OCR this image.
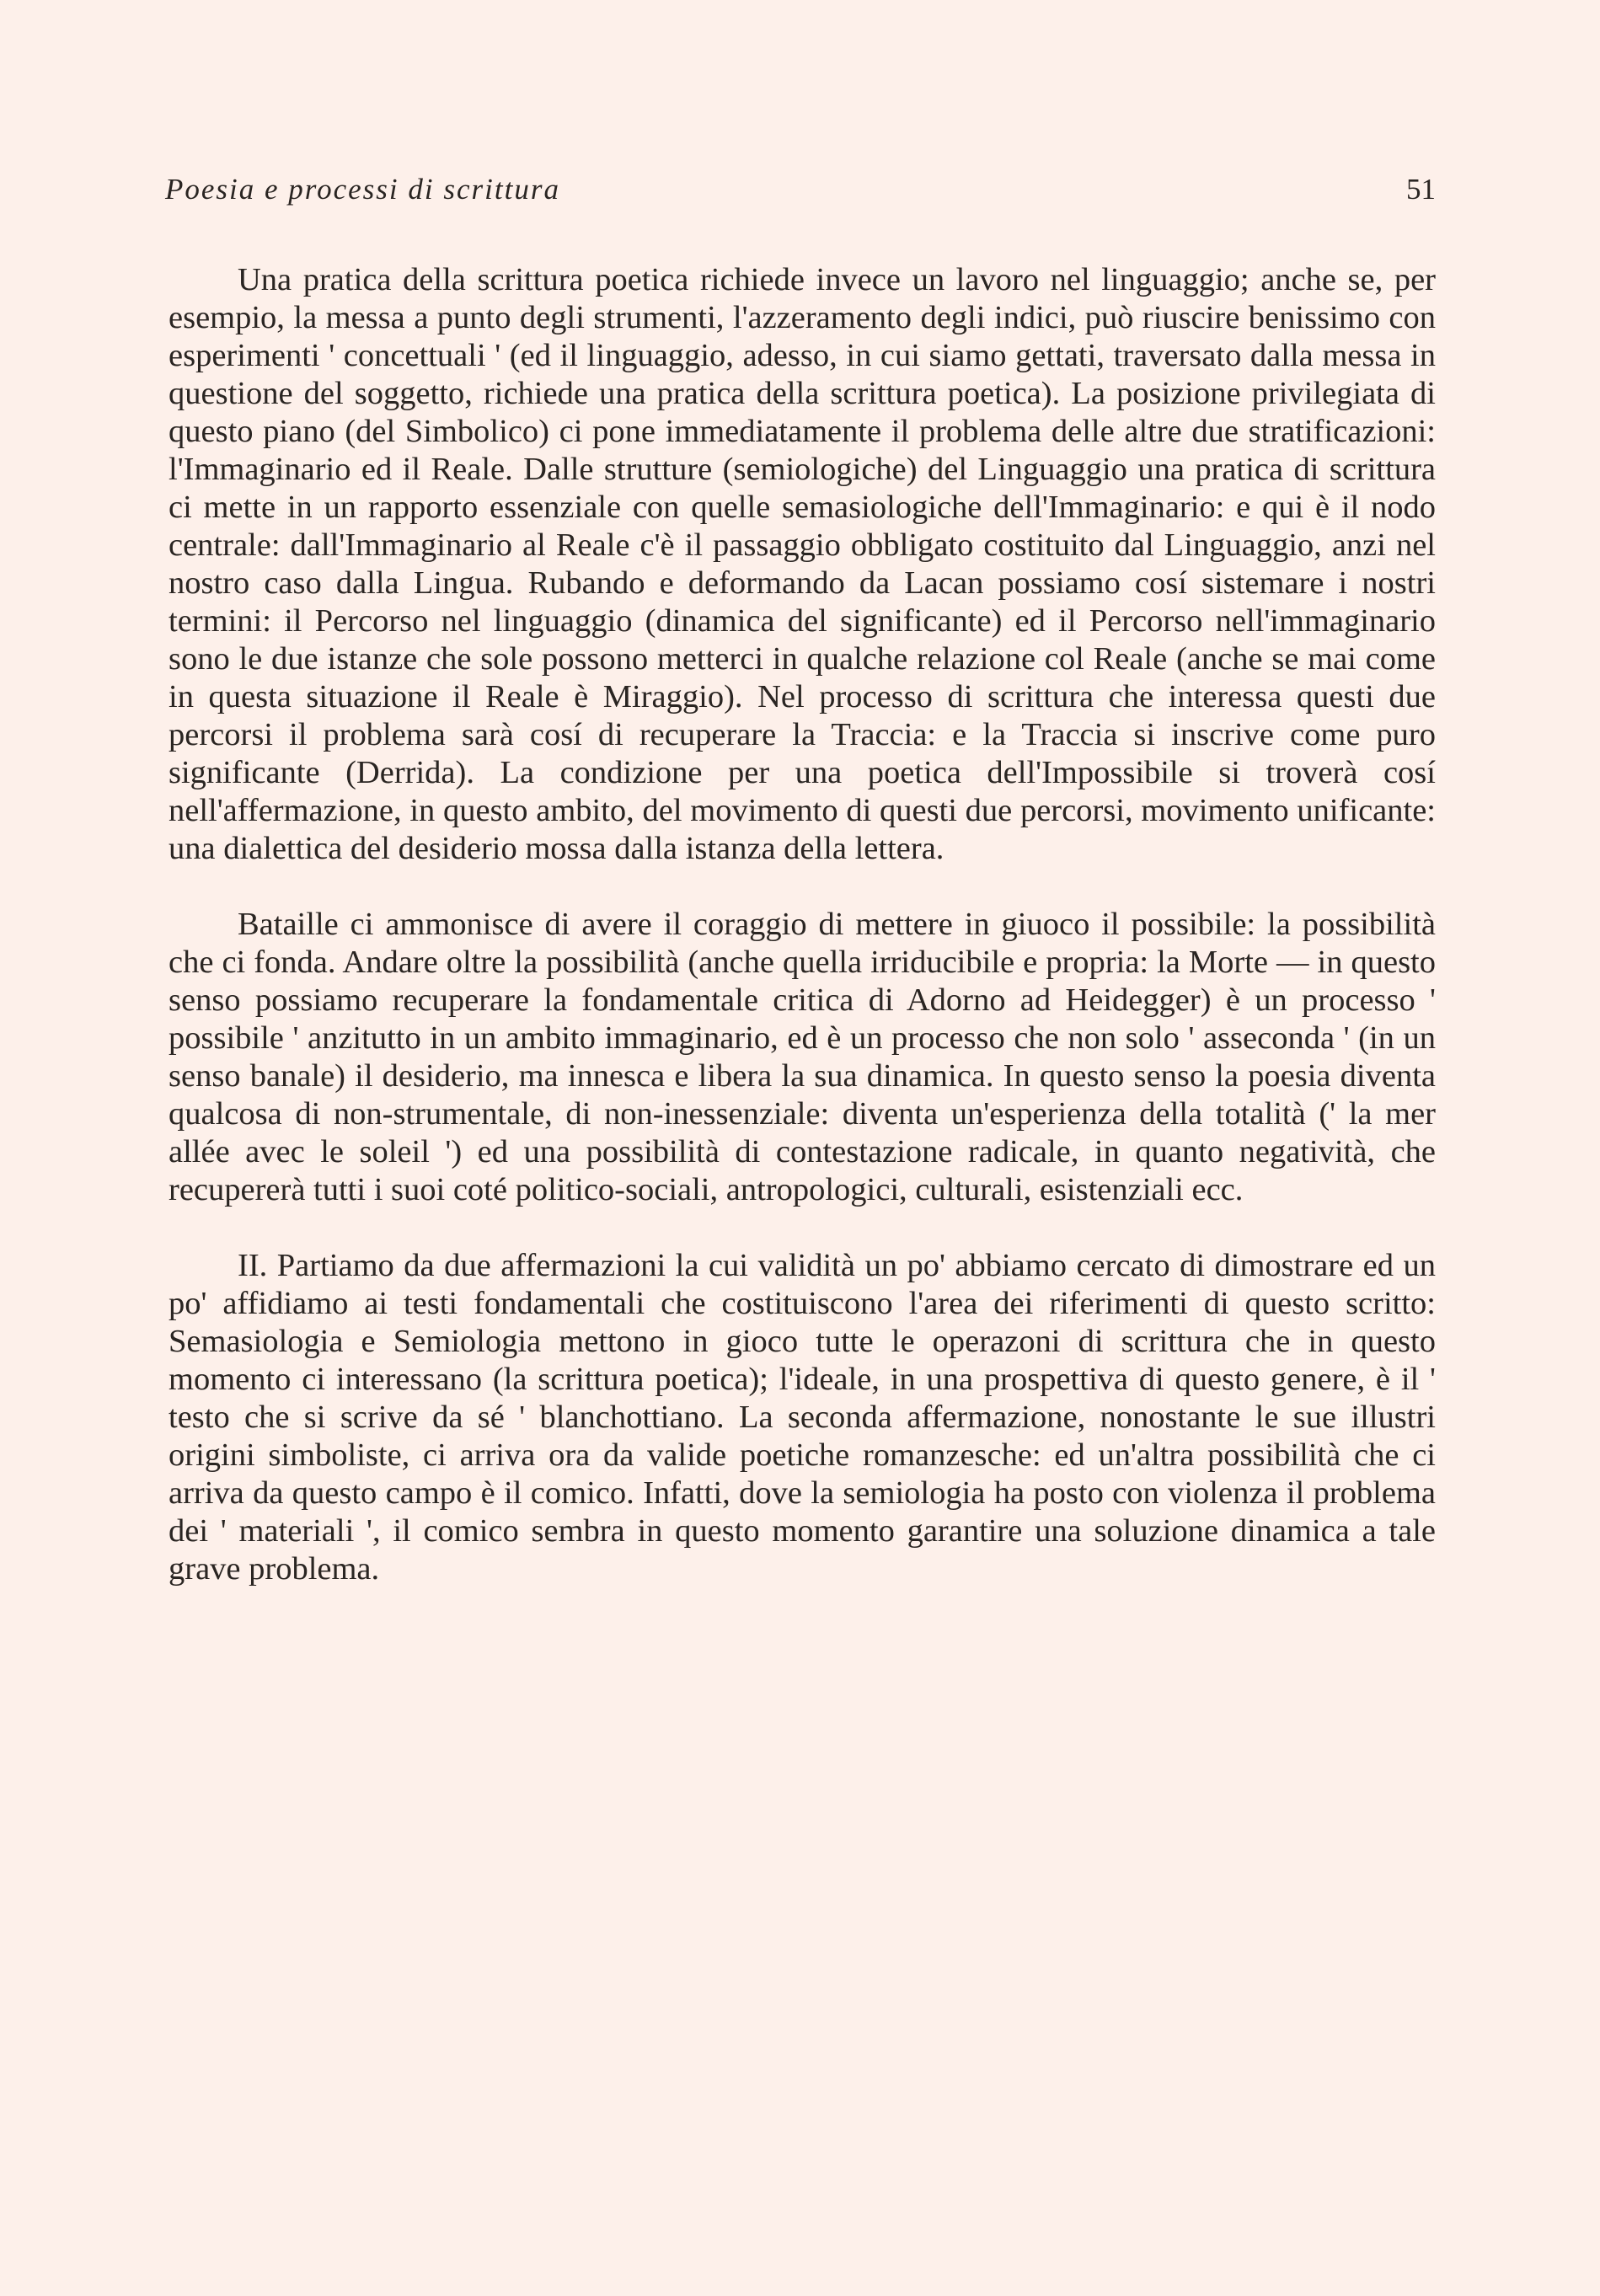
Poesia e processi di scrittura	51

Una pratica della scrittura poetica richiede invece un lavoro nel linguaggio; anche se, per esempio, la messa a punto degli strumenti, l'azzeramento degli indici, può riuscire benissimo con esperimenti ' concettuali ' (ed il linguaggio, adesso, in cui siamo gettati, traversato dalla messa in questione del soggetto, richiede una pratica della scrittura poetica). La posizione privilegiata di questo piano (del Simbolico) ci pone immediatamente il problema delle altre due stratificazioni: l'Immaginario ed il Reale. Dalle strutture (semiologiche) del Linguaggio una pratica di scrittura ci mette in un rapporto essenziale con quelle semasiologiche dell'Immaginario: e qui è il nodo centrale: dall'Immaginario al Reale c'è il passaggio obbligato costituito dal Linguaggio, anzi nel nostro caso dalla Lingua. Rubando e deformando da Lacan possiamo cosí sistemare i nostri termini: il Percorso nel linguaggio (dinamica del significante) ed il Percorso nell'immaginario sono le due istanze che sole possono metterci in qualche relazione col Reale (anche se mai come in questa situazione il Reale è Miraggio). Nel processo di scrittura che interessa questi due percorsi il problema sarà cosí di recuperare la Traccia: e la Traccia si inscrive come puro significante (Derrida). La condizione per una poetica dell'Impossibile si troverà cosí nell'affermazione, in questo ambito, del movimento di questi due percorsi, movimento unificante: una dialettica del desiderio mossa dalla istanza della lettera.

Bataille ci ammonisce di avere il coraggio di mettere in giuoco il possibile: la possibilità che ci fonda. Andare oltre la possibilità (anche quella irriducibile e propria: la Morte — in questo senso possiamo recuperare la fondamentale critica di Adorno ad Heidegger) è un processo ' possibile ' anzitutto in un ambito immaginario, ed è un processo che non solo ' asseconda ' (in un senso banale) il desiderio, ma innesca e libera la sua dinamica. In questo senso la poesia diventa qualcosa di non-strumentale, di non-inessenziale: diventa un'esperienza della totalità (' la mer allée avec le soleil ') ed una possibilità di contestazione radicale, in quanto negatività, che recupererà tutti i suoi coté politico-sociali, antropologici, culturali, esistenziali ecc.

II. Partiamo da due affermazioni la cui validità un po' abbiamo cercato di dimostrare ed un po' affidiamo ai testi fondamentali che costituiscono l'area dei riferimenti di questo scritto: Semasiologia e Semiologia mettono in gioco tutte le operazoni di scrittura che in questo momento ci interessano (la scrittura poetica); l'ideale, in una prospettiva di questo genere, è il ' testo che si scrive da sé ' blanchottiano. La seconda affermazione, nonostante le sue illustri origini simboliste, ci arriva ora da valide poetiche romanzesche: ed un'altra possibilità che ci arriva da questo campo è il comico. Infatti, dove la semiologia ha posto con violenza il problema dei ' materiali ', il comico sembra in questo momento garantire una soluzione dinamica a tale grave problema.
